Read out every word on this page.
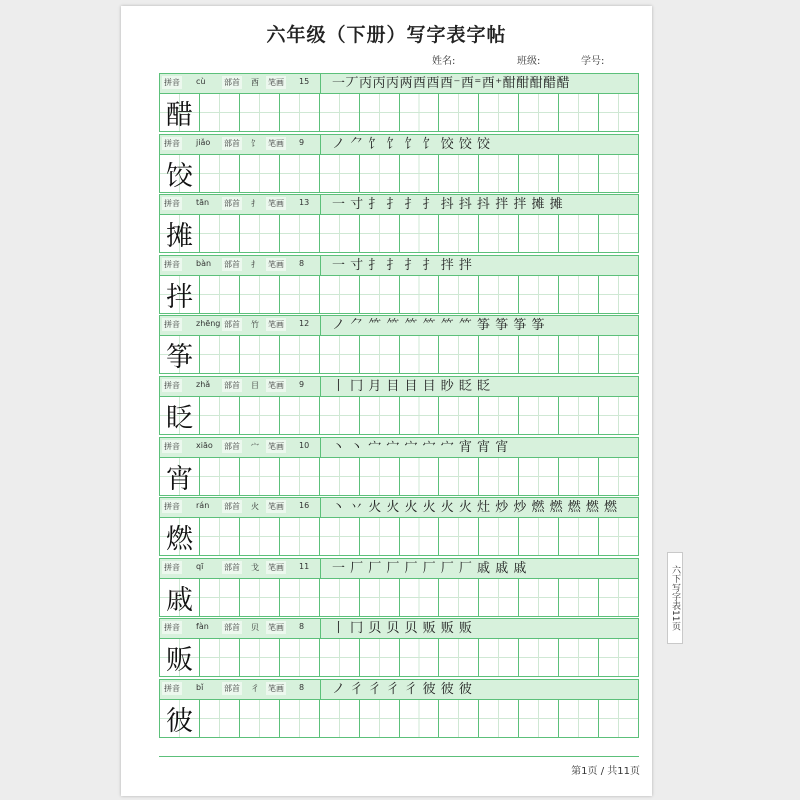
六年级（下册）写字表字帖
姓名:	班级:	学号:
拼音 cù 部首 酉 笔画 15 一丆丙丙丙两酉酉酉⁻酉⁼酉⁺酣酣酣醋醋
醋
拼音 jiǎo 部首 饣 笔画 9 ノ ⺈ 饣 饣 饣 饣 饺 饺 饺
饺
拼音 tān 部首 扌 笔画 13 一 寸 扌 扌 扌 扌 抖 抖 抖 拌 拌 摊 摊
摊
拼音 bàn 部首 扌 笔画 8 一 寸 扌 扌 扌 扌 拌 拌
拌
拼音 zhēng 部首 竹 笔画 12 ノ ⺈ ⺮ ⺮ ⺮ ⺮ ⺮ ⺮ 筝 筝 筝 筝
筝
拼音 zhǎ 部首 目 笔画 9 丨 冂 月 目 目 目 眇 眨 眨
眨
拼音 xiāo 部首 宀 笔画 10 丶 丶 宀 宀 宀 宀 宀 宵 宵 宵
宵
拼音 rán 部首 火 笔画 16 丶 丷 火 火 火 火 火 火 灶 炒 炒 燃 燃 燃 燃 燃
燃
拼音 qī	部首 戈 笔画 11 一 厂 厂 厂 厂 厂 厂 厂 戚 戚 戚
戚
拼音 fàn 部首 贝 笔画 8 丨 冂 贝 贝 贝 贩 贩 贩
贩
拼音 bǐ	部首 彳 笔画 8 ノ 彳 彳 彳 彳 彼 彼 彼
彼
第1页 / 共11页
六下写字表11页
